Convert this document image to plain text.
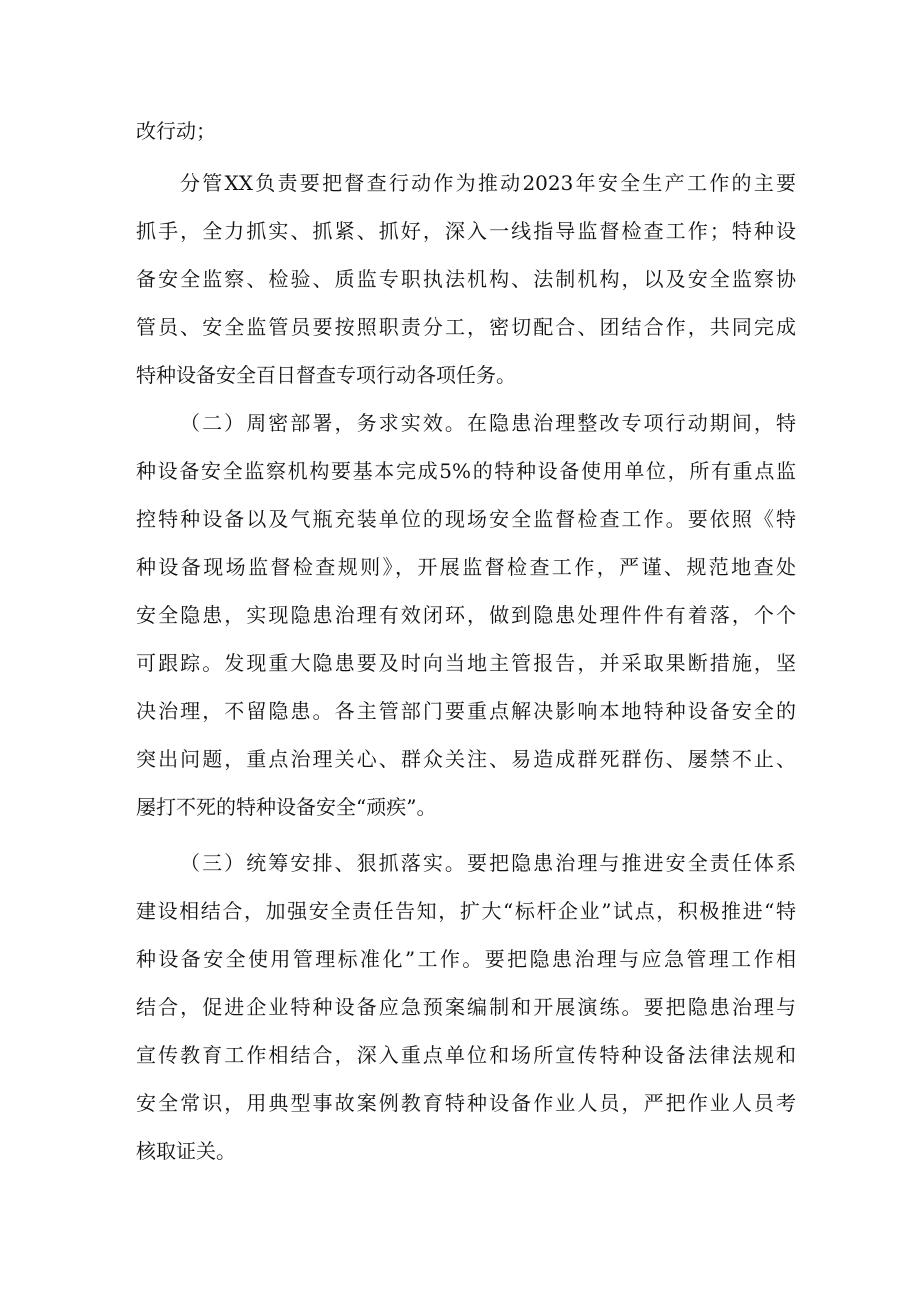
改行动；

分管XX负责要把督查行动作为推动2023年安全生产工作的主要

抓手，全力抓实、抓紧、抓好，深入一线指导监督检查工作；特种设

备安全监察、检验、质监专职执法机构、法制机构，以及安全监察协

管员、安全监管员要按照职责分工，密切配合、团结合作，共同完成

特种设备安全百日督查专项行动各项任务。

（二）周密部署，务求实效。在隐患治理整改专项行动期间，特

种设备安全监察机构要基本完成5%的特种设备使用单位，所有重点监

控特种设备以及气瓶充装单位的现场安全监督检查工作。要依照《特

种设备现场监督检查规则》，开展监督检查工作，严谨、规范地查处

安全隐患，实现隐患治理有效闭环，做到隐患处理件件有着落，个个

可跟踪。发现重大隐患要及时向当地主管报告，并采取果断措施，坚

决治理，不留隐患。各主管部门要重点解决影响本地特种设备安全的

突出问题，重点治理关心、群众关注、易造成群死群伤、屡禁不止、

屡打不死的特种设备安全“顽疾”。

（三）统筹安排、狠抓落实。要把隐患治理与推进安全责任体系

建设相结合，加强安全责任告知，扩大“标杆企业”试点，积极推进“特

种设备安全使用管理标准化”工作。要把隐患治理与应急管理工作相

结合，促进企业特种设备应急预案编制和开展演练。要把隐患治理与

宣传教育工作相结合，深入重点单位和场所宣传特种设备法律法规和

安全常识，用典型事故案例教育特种设备作业人员，严把作业人员考

核取证关。
